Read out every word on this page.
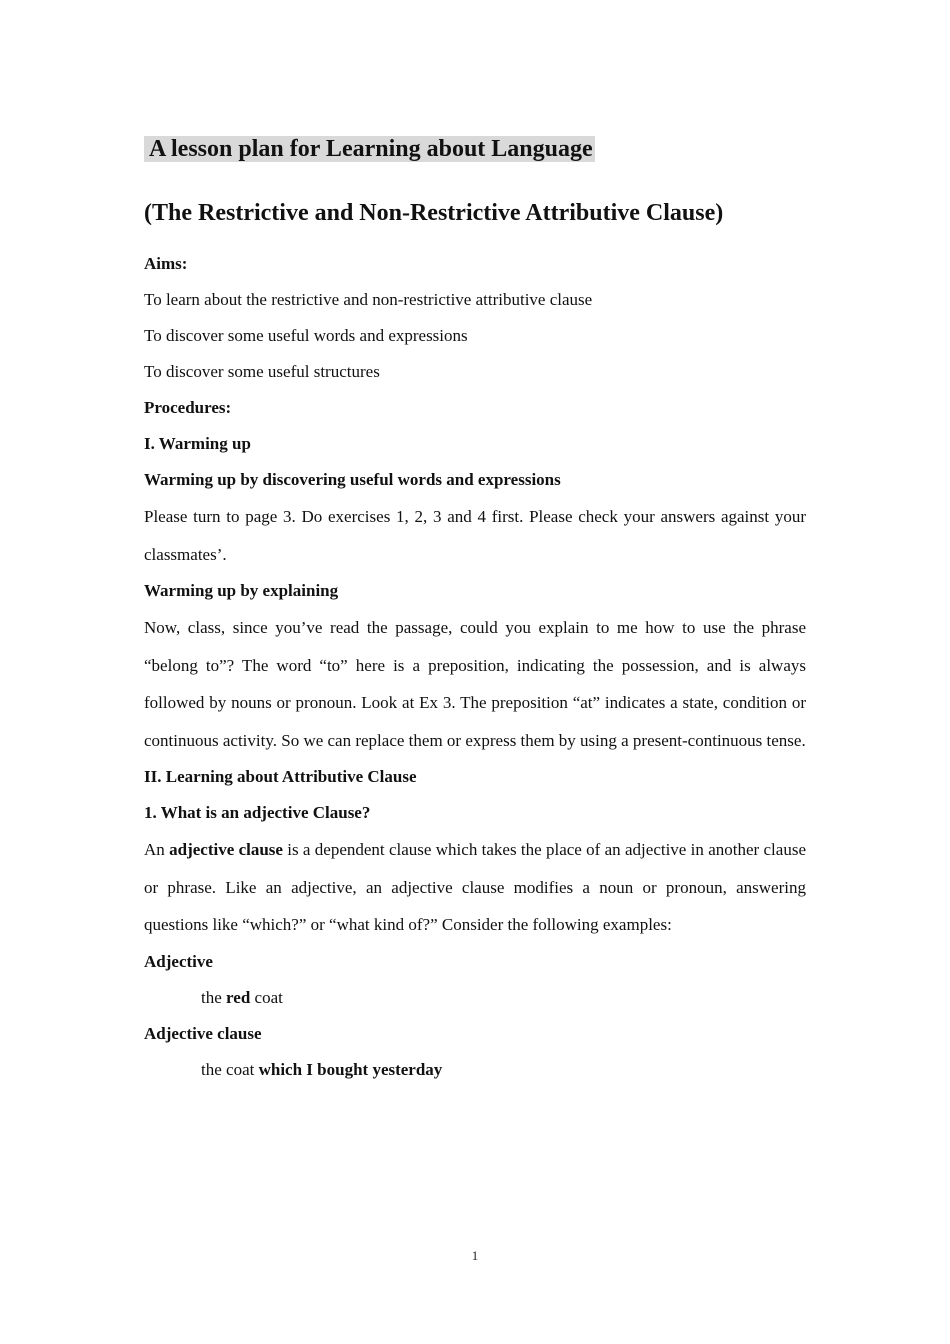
A lesson plan for Learning about Language
(The Restrictive and Non-Restrictive Attributive Clause)

Aims:

To learn about the restrictive and non-restrictive attributive clause

To discover some useful words and expressions

To discover some useful structures

Procedures:

I. Warming up

Warming up by discovering useful words and expressions

Please turn to page 3. Do exercises 1, 2, 3 and 4 first. Please check your answers against your classmates’.

Warming up by explaining

Now, class, since you’ve read the passage, could you explain to me how to use the phrase “belong to”? The word “to” here is a preposition, indicating the possession, and is always followed by nouns or pronoun. Look at Ex 3. The preposition “at” indicates a state, condition or continuous activity. So we can replace them or express them by using a present-continuous tense.

II. Learning about Attributive Clause

1. What is an adjective Clause?

An adjective clause is a dependent clause which takes the place of an adjective in another clause or phrase. Like an adjective, an adjective clause modifies a noun or pronoun, answering questions like “which?” or “what kind of?” Consider the following examples:

Adjective

the red coat

Adjective clause

the coat which I bought yesterday

1
